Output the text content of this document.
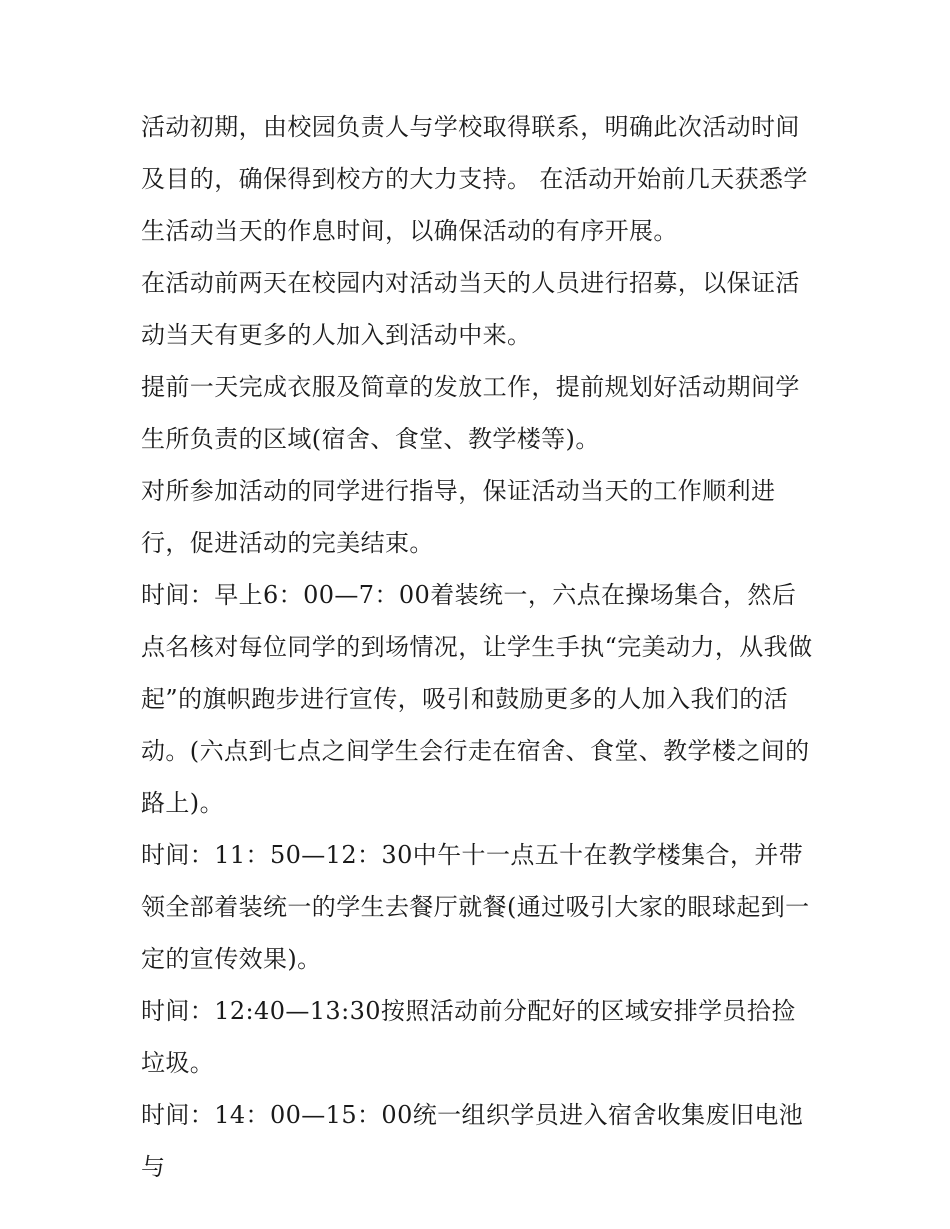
活动初期，由校园负责人与学校取得联系，明确此次活动时间及目的，确保得到校方的大力支持。 在活动开始前几天获悉学生活动当天的作息时间，以确保活动的有序开展。

在活动前两天在校园内对活动当天的人员进行招募，以保证活动当天有更多的人加入到活动中来。

提前一天完成衣服及简章的发放工作，提前规划好活动期间学生所负责的区域(宿舍、食堂、教学楼等)。

对所参加活动的同学进行指导，保证活动当天的工作顺利进行，促进活动的完美结束。

时间：早上6：00—7：00着装统一，六点在操场集合，然后点名核对每位同学的到场情况，让学生手执“完美动力，从我做起”的旗帜跑步进行宣传，吸引和鼓励更多的人加入我们的活动。(六点到七点之间学生会行走在宿舍、食堂、教学楼之间的路上)。

时间：11：50—12：30中午十一点五十在教学楼集合，并带领全部着装统一的学生去餐厅就餐(通过吸引大家的眼球起到一定的宣传效果)。

时间：12:40—13:30按照活动前分配好的区域安排学员拾捡垃圾。

时间：14：00—15：00统一组织学员进入宿舍收集废旧电池与
